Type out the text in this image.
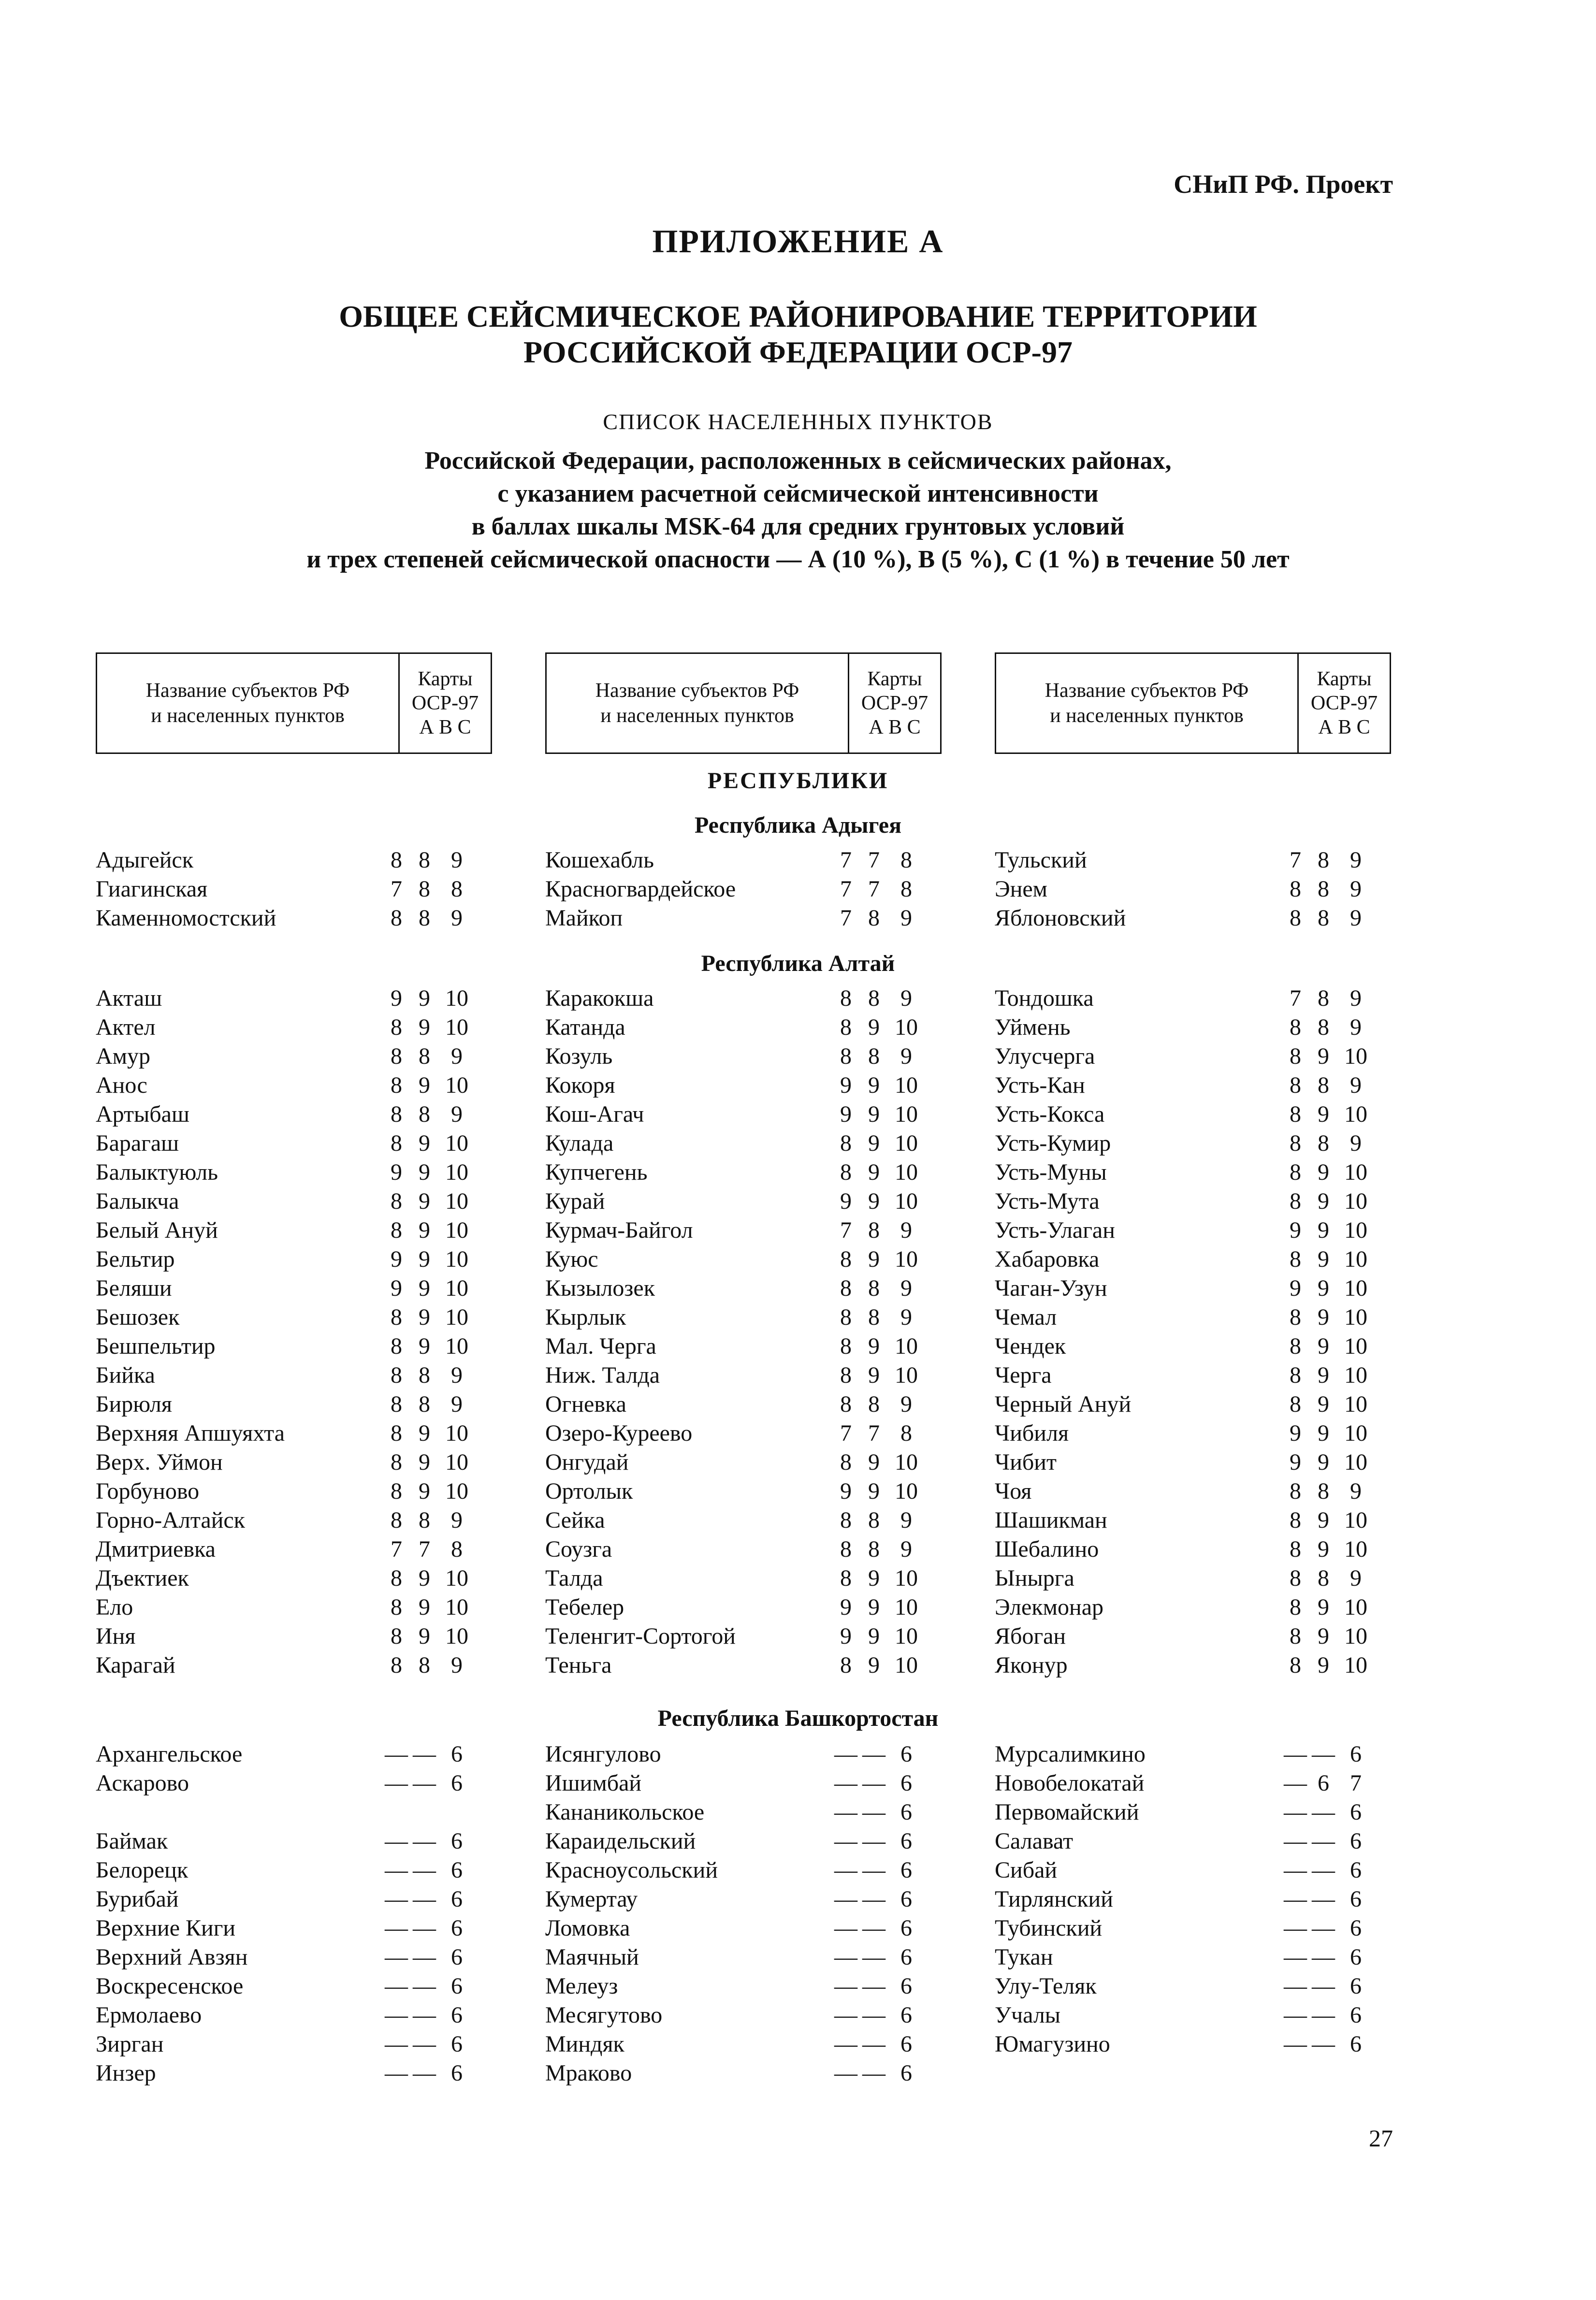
СНиП РФ. Проект
ПРИЛОЖЕНИЕ А
ОБЩЕЕ СЕЙСМИЧЕСКОЕ РАЙОНИРОВАНИЕ ТЕРРИТОРИИ
РОССИЙСКОЙ ФЕДЕРАЦИИ ОСР-97
СПИСОК НАСЕЛЕННЫХ ПУНКТОВ
Российской Федерации, расположенных в сейсмических районах,
с указанием расчетной сейсмической интенсивности
в баллах шкалы MSK-64 для средних грунтовых условий
и трех степеней сейсмической опасности — А (10 %), В (5 %), С (1 %) в течение 50 лет
Название субъектов РФ
и населенных пунктов
Карты
ОСР-97
А В С
Название субъектов РФ
и населенных пунктов
Карты
ОСР-97
А В С
Название субъектов РФ
и населенных пунктов
Карты
ОСР-97
А В С
РЕСПУБЛИКИ
Республика Адыгея
Адыгейск	8 8 9
Гиагинская	7 8 8
Каменномостский	8 8 9
Кошехабль	7 7 8
Красногвардейское	7 7 8
Майкоп	7 8 9
Тульский	7 8 9
Энем	8 8 9
Яблоновский	8 8 9
Республика Алтай
Акташ	9 9 10
Актел	8 9 10
Амур	8 8 9
Анос	8 9 10
Артыбаш	8 8 9
Барагаш	8 9 10
Балыктуюль	9 9 10
Балыкча	8 9 10
Белый Ануй	8 9 10
Бельтир	9 9 10
Беляши	9 9 10
Бешозек	8 9 10
Бешпельтир	8 9 10
Бийка	8 8 9
Бирюля	8 8 9
Верхняя Апшуяхта	8 9 10
Верх. Уймон	8 9 10
Горбуново	8 9 10
Горно-Алтайск	8 8 9
Дмитриевка	7 7 8
Дъектиек	8 9 10
Ело	8 9 10
Иня	8 9 10
Карагай	8 8 9
Каракокша	8 8 9
Катанда	8 9 10
Козуль	8 8 9
Кокоря	9 9 10
Кош-Агач	9 9 10
Кулада	8 9 10
Купчегень	8 9 10
Курай	9 9 10
Курмач-Байгол	7 8 9
Куюс	8 9 10
Кызылозек	8 8 9
Кырлык	8 8 9
Мал. Черга	8 9 10
Ниж. Талда	8 9 10
Огневка	8 8 9
Озеро-Куреево	7 7 8
Онгудай	8 9 10
Ортолык	9 9 10
Сейка	8 8 9
Соузга	8 8 9
Талда	8 9 10
Тебелер	9 9 10
Теленгит-Сортогой	9 9 10
Теньга	8 9 10
Тондошка	7 8 9
Уймень	8 8 9
Улусчерга	8 9 10
Усть-Кан	8 8 9
Усть-Кокса	8 9 10
Усть-Кумир	8 8 9
Усть-Муны	8 9 10
Усть-Мута	8 9 10
Усть-Улаган	9 9 10
Хабаровка	8 9 10
Чаган-Узун	9 9 10
Чемал	8 9 10
Чендек	8 9 10
Черга	8 9 10
Черный Ануй	8 9 10
Чибиля	9 9 10
Чибит	9 9 10
Чоя	8 8 9
Шашикман	8 9 10
Шебалино	8 9 10
Ыныргa	8 8 9
Элекмонар	8 9 10
Ябоган	8 9 10
Яконур	8 9 10
Республика Башкортостан
Архангельское	— — 6
Аскарово	— — 6
Баймак	— — 6
Белорецк	— — 6
Бурибай	— — 6
Верхние Киги	— — 6
Верхний Авзян	— — 6
Воскресенское	— — 6
Ермолаево	— — 6
Зирган	— — 6
Инзер	— — 6
Исянгулово	— — 6
Ишимбай	— — 6
Кананикольское	— — 6
Караидельский	— — 6
Красноусольский	— — 6
Кумертау	— — 6
Ломовка	— — 6
Маячный	— — 6
Мелеуз	— — 6
Месягутово	— — 6
Миндяк	— — 6
Мраково	— — 6
Мурсалимкино	— — 6
Новобелокатай	— 6 7
Первомайский	— — 6
Салават	— — 6
Сибай	— — 6
Тирлянский	— — 6
Тубинский	— — 6
Тукан	— — 6
Улу-Теляк	— — 6
Учалы	— — 6
Юмагузино	— — 6
27
